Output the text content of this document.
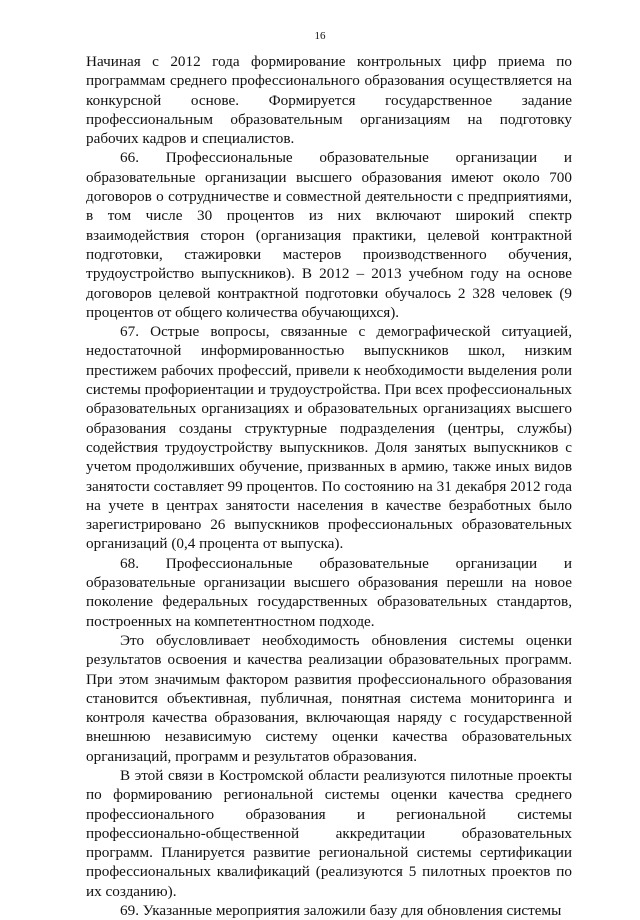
16

Начиная с 2012 года формирование контрольных цифр приема по программам среднего профессионального образования осуществляется на конкурсной основе. Формируется государственное задание профессиональным образовательным организациям на подготовку рабочих кадров и специалистов.

66. Профессиональные образовательные организации и образовательные организации высшего образования имеют около 700 договоров о сотрудничестве и совместной деятельности с предприятиями, в том числе 30 процентов из них включают широкий спектр взаимодействия сторон (организация практики, целевой контрактной подготовки, стажировки мастеров производственного обучения, трудоустройство выпускников). В 2012 – 2013 учебном году на основе договоров целевой контрактной подготовки обучалось 2 328 человек (9 процентов от общего количества обучающихся).

67. Острые вопросы, связанные с демографической ситуацией, недостаточной информированностью выпускников школ, низким престижем рабочих профессий, привели к необходимости выделения роли системы профориентации и трудоустройства. При всех профессиональных образовательных организациях и образовательных организациях высшего образования созданы структурные подразделения (центры, службы) содействия трудоустройству выпускников. Доля занятых выпускников с учетом продолживших обучение, призванных в армию, также иных видов занятости составляет 99 процентов. По состоянию на 31 декабря 2012 года на учете в центрах занятости населения в качестве безработных было зарегистрировано 26 выпускников профессиональных образовательных организаций (0,4 процента от выпуска).

68. Профессиональные образовательные организации и образовательные организации высшего образования перешли на новое поколение федеральных государственных образовательных стандартов, построенных на компетентностном подходе.

Это обусловливает необходимость обновления системы оценки результатов освоения и качества реализации образовательных программ. При этом значимым фактором развития профессионального образования становится объективная, публичная, понятная система мониторинга и контроля качества образования, включающая наряду с государственной внешнюю независимую систему оценки качества образовательных организаций, программ и результатов образования.

В этой связи в Костромской области реализуются пилотные проекты по формированию региональной системы оценки качества среднего профессионального образования и региональной системы профессионально-общественной аккредитации образовательных программ. Планируется развитие региональной системы сертификации профессиональных квалификаций (реализуются 5 пилотных проектов по их созданию).

69. Указанные мероприятия заложили базу для обновления системы
